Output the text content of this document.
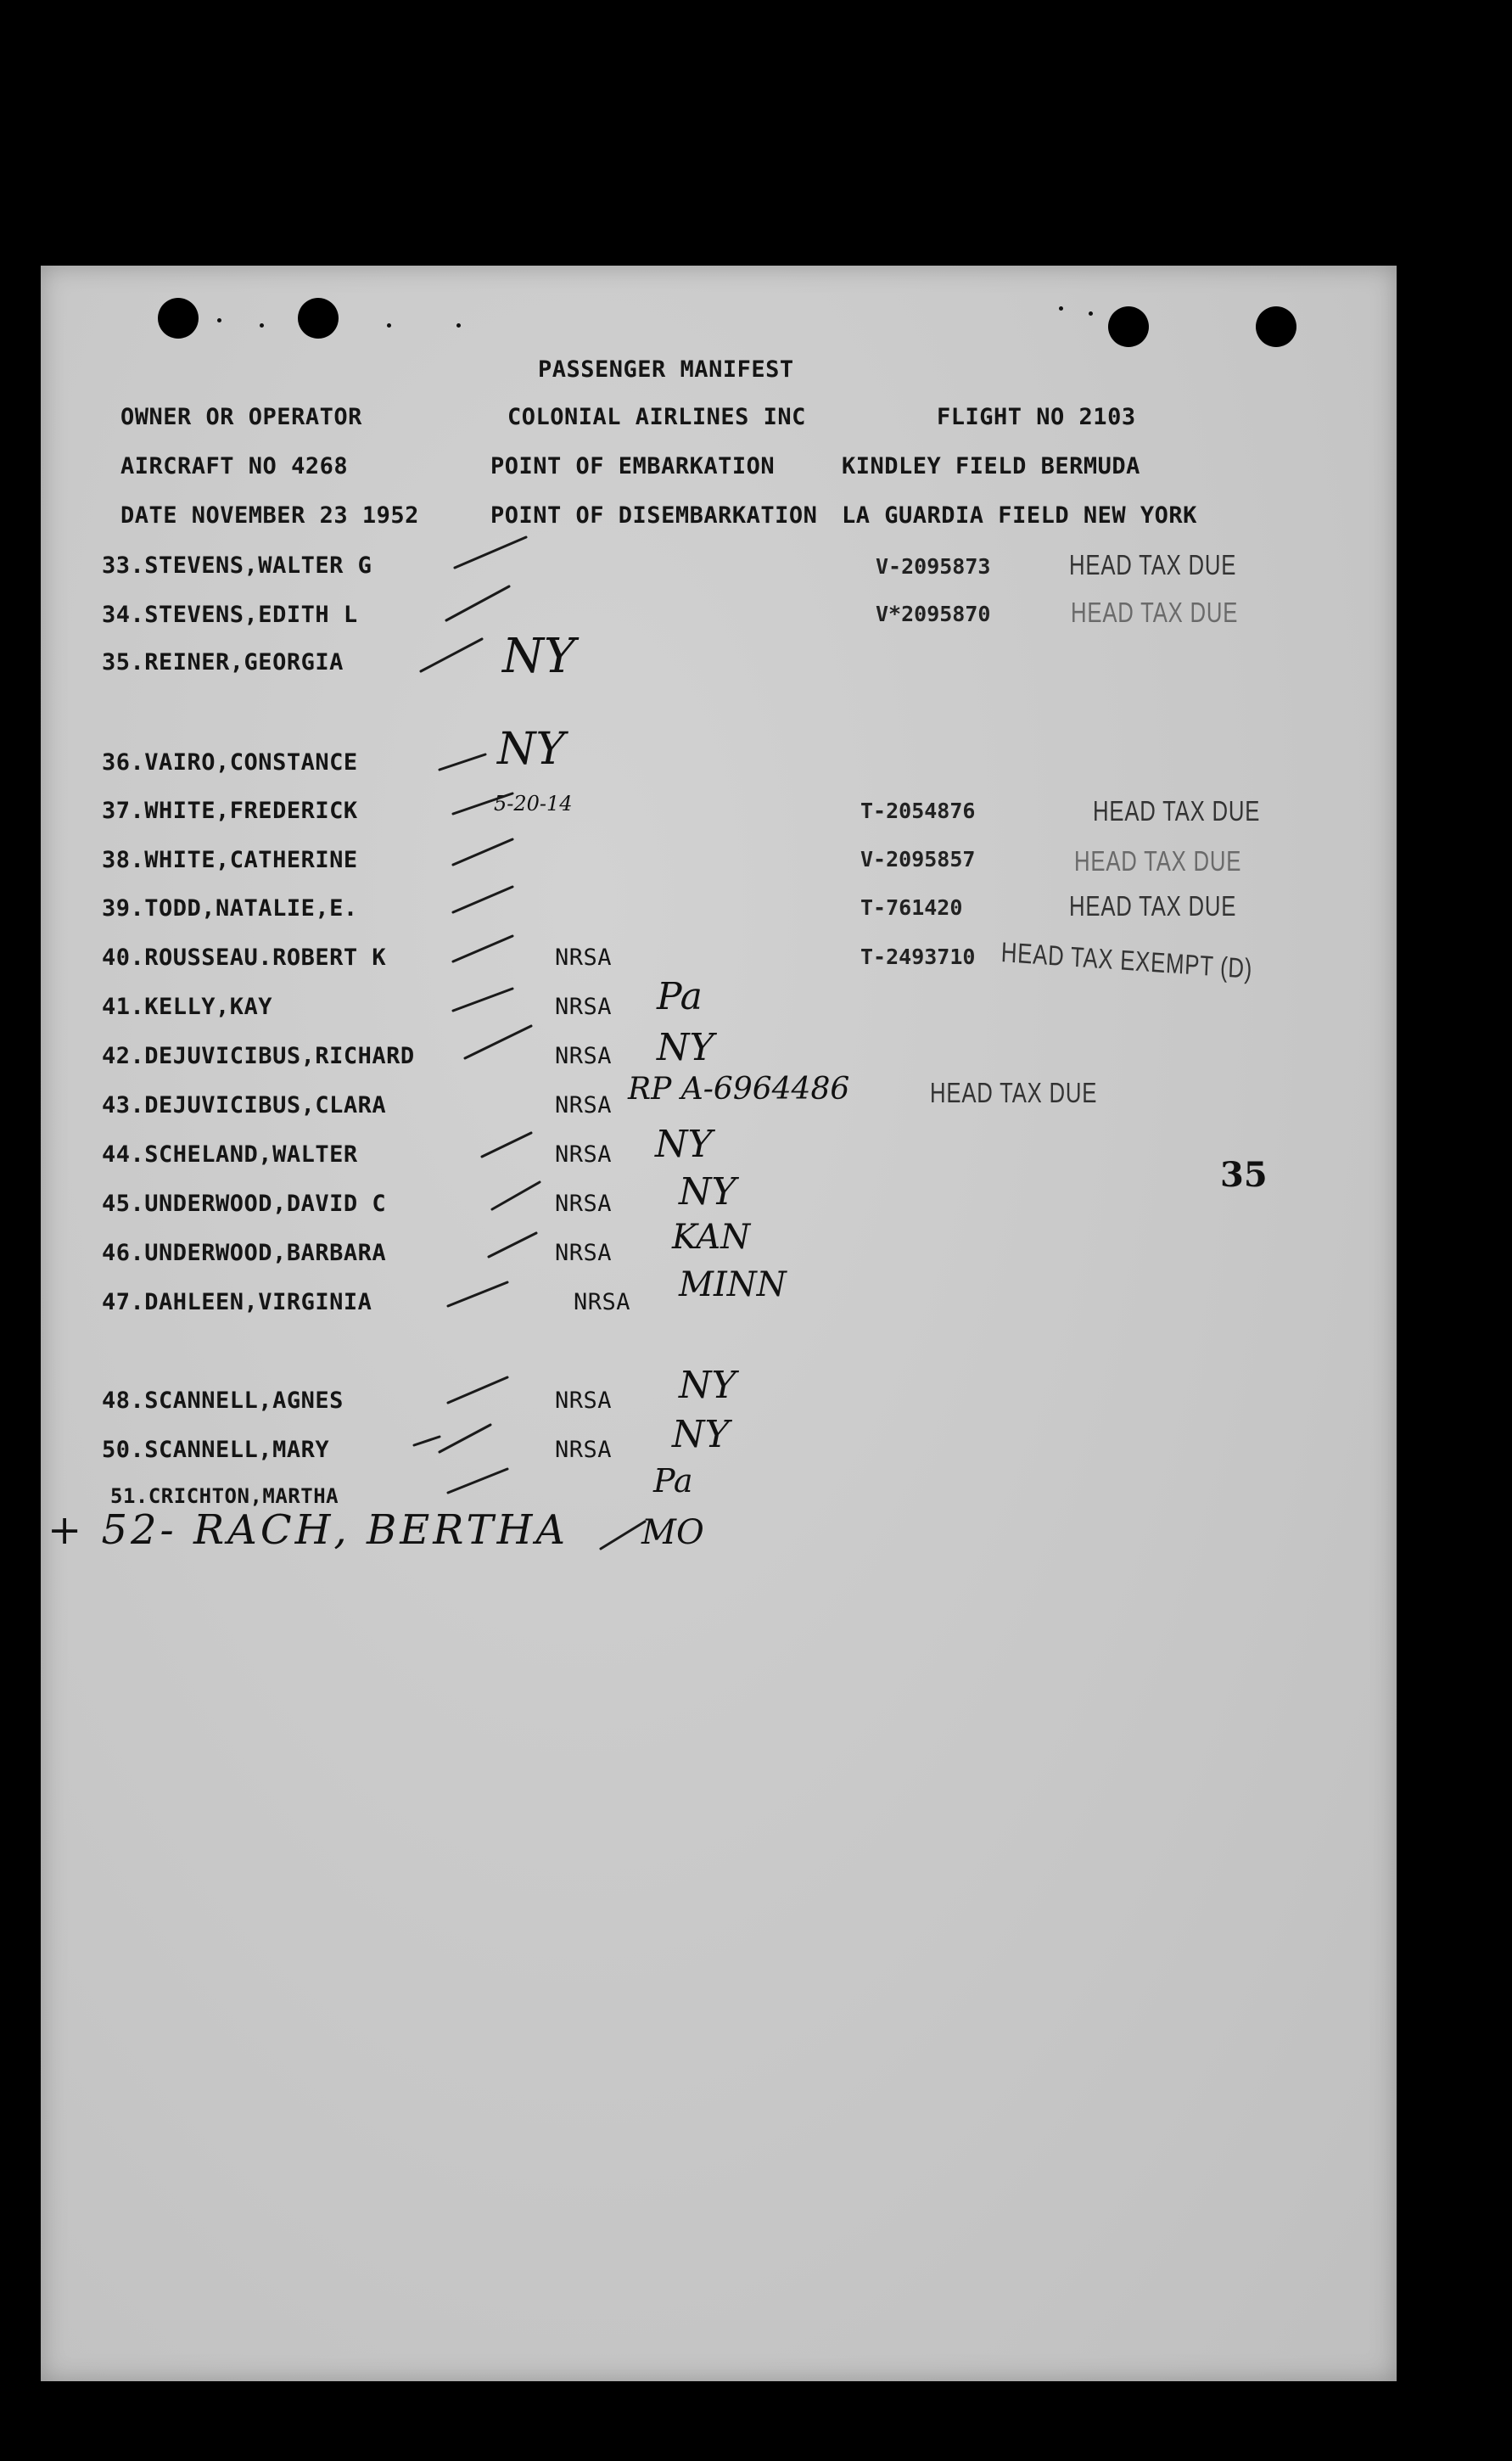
PASSENGER MANIFEST
OWNER OR OPERATOR	COLONIAL AIRLINES INC	FLIGHT NO 2103
AIRCRAFT NO 4268	POINT OF EMBARKATION	KINDLEY FIELD BERMUDA
DATE NOVEMBER 23 1952	POINT OF DISEMBARKATION LA GUARDIA FIELD NEW YORK
33.STEVENS,WALTER G	V-2095873	HEAD TAX DUE
34.STEVENS,EDITH L	V*2095870	HEAD TAX DUE
35.REINER,GEORGIA	NY
36.VAIRO,CONSTANCE	NY
37.WHITE,FREDERICK	5-20-14	T-2054876	HEAD TAX DUE
38.WHITE,CATHERINE	V-2095857	HEAD TAX DUE
39.TODD,NATALIE,E.	T-761420	HEAD TAX DUE
40.ROUSSEAU.ROBERT K	NRSA	T-2493710 HEAD TAX EXEMPT (D)
41.KELLY,KAY	NRSA Pa
42.DEJUVICIBUS,RICHARD	NRSA NY
43.DEJUVICIBUS,CLARA	NRSA RP A-6964486	HEAD TAX DUE
44.SCHELAND,WALTER	NRSA NY
45.UNDERWOOD,DAVID C	NRSA NY
46.UNDERWOOD,BARBARA	NRSA KAN
47.DAHLEEN,VIRGINIA	NRSA MINN
48.SCANNELL,AGNES	NRSA NY
50.SCANNELL,MARY	NRSA NY
51.CRICHTON,MARTHA	Pa
+ 52- RACH, BERTHA MO
35
